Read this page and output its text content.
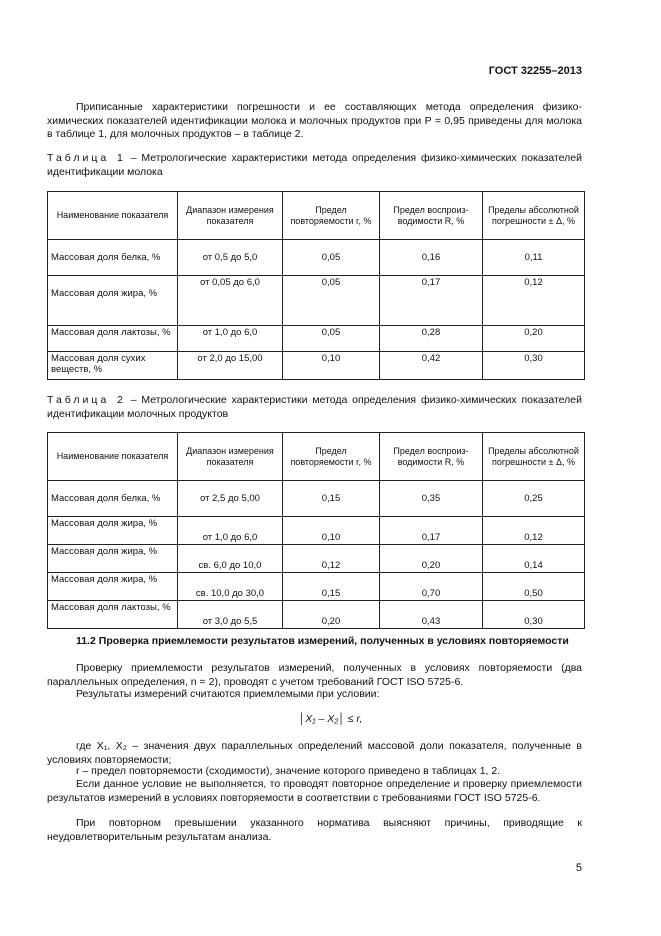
ГОСТ 32255–2013
Приписанные характеристики погрешности и ее составляющих метода определения физико-химических показателей идентификации молока и молочных продуктов при Р = 0,95 приведены для молока в таблице 1, для молочных продуктов – в таблице 2.
Таблица 1 – Метрологические характеристики метода определения физико-химических показателей идентификации молока
Наименование показателя	Диапазон измерения показателя	Предел повторяемости r, %	Предел воспроиз-водимости R, %	Пределы абсолютной погрешности ± Δ, %
Массовая доля белка, %	от 0,5 до 5,0	0,05	0,16	0,11
Массовая доля жира, %	от 0,05 до 6,0	0,05	0,17	0,12
Массовая доля лактозы, %	от 1,0 до 6,0	0,05	0,28	0,20
Массовая доля сухих веществ, %	от 2,0 до 15,00	0,10	0,42	0,30
Таблица 2 – Метрологические характеристики метода определения физико-химических показателей идентификации молочных продуктов
Наименование показателя	Диапазон измерения показателя	Предел повторяемости r, %	Предел воспроиз-водимости R, %	Пределы абсолютной погрешности ± Δ, %
Массовая доля белка, %	от 2,5 до 5,00	0,15	0,35	0,25
Массовая доля жира, %	от 1,0 до 6,0	0,10	0,17	0,12
Массовая доля жира, %	св. 6,0 до 10,0	0,12	0,20	0,14
Массовая доля жира, %	св. 10,0 до 30,0	0,15	0,70	0,50
Массовая доля лактозы, %	от 3,0 до 5,5	0,20	0,43	0,30
11.2 Проверка приемлемости результатов измерений, полученных в условиях повторяемости
Проверку приемлемости результатов измерений, полученных в условиях повторяемости (два параллельных определения, n = 2), проводят с учетом требований ГОСТ ISO 5725-6.
Результаты измерений считаются приемлемыми при условии:
│X₁ – X₂│ ≤ r,
где X₁, X₂ – значения двух параллельных определений массовой доли показателя, полученные в условиях повторяемости;
r – предел повторяемости (сходимости), значение которого приведено в таблицах 1, 2.
Если данное условие не выполняется, то проводят повторное определение и проверку приемлемости результатов измерений в условиях повторяемости в соответствии с требованиями ГОСТ ISO 5725-6.
При повторном превышении указанного норматива выясняют причины, приводящие к неудовлетворительным результатам анализа.
5
